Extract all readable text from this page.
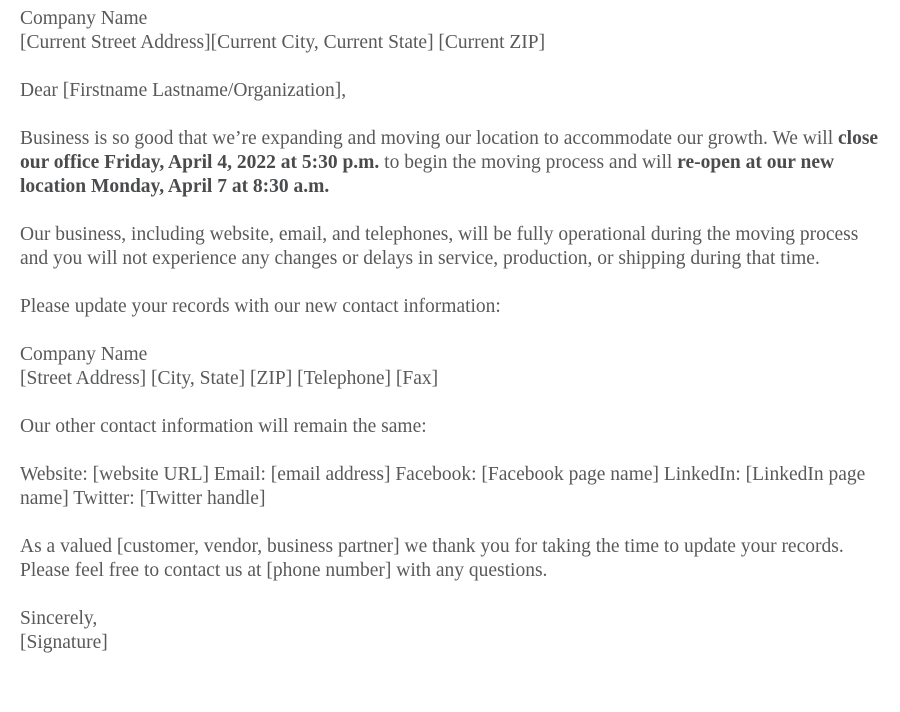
Company Name
[Current Street Address][Current City, Current State] [Current ZIP]
Dear [Firstname Lastname/Organization],
Business is so good that we’re expanding and moving our location to accommodate our growth. We will close our office Friday, April 4, 2022 at 5:30 p.m. to begin the moving process and will re-open at our new location Monday, April 7 at 8:30 a.m.
Our business, including website, email, and telephones, will be fully operational during the moving process and you will not experience any changes or delays in service, production, or shipping during that time.
Please update your records with our new contact information:
Company Name
[Street Address] [City, State] [ZIP] [Telephone] [Fax]
Our other contact information will remain the same:
Website: [website URL] Email: [email address] Facebook: [Facebook page name] LinkedIn: [LinkedIn page name] Twitter: [Twitter handle]
As a valued [customer, vendor, business partner] we thank you for taking the time to update your records. Please feel free to contact us at [phone number] with any questions.
Sincerely,
[Signature]
